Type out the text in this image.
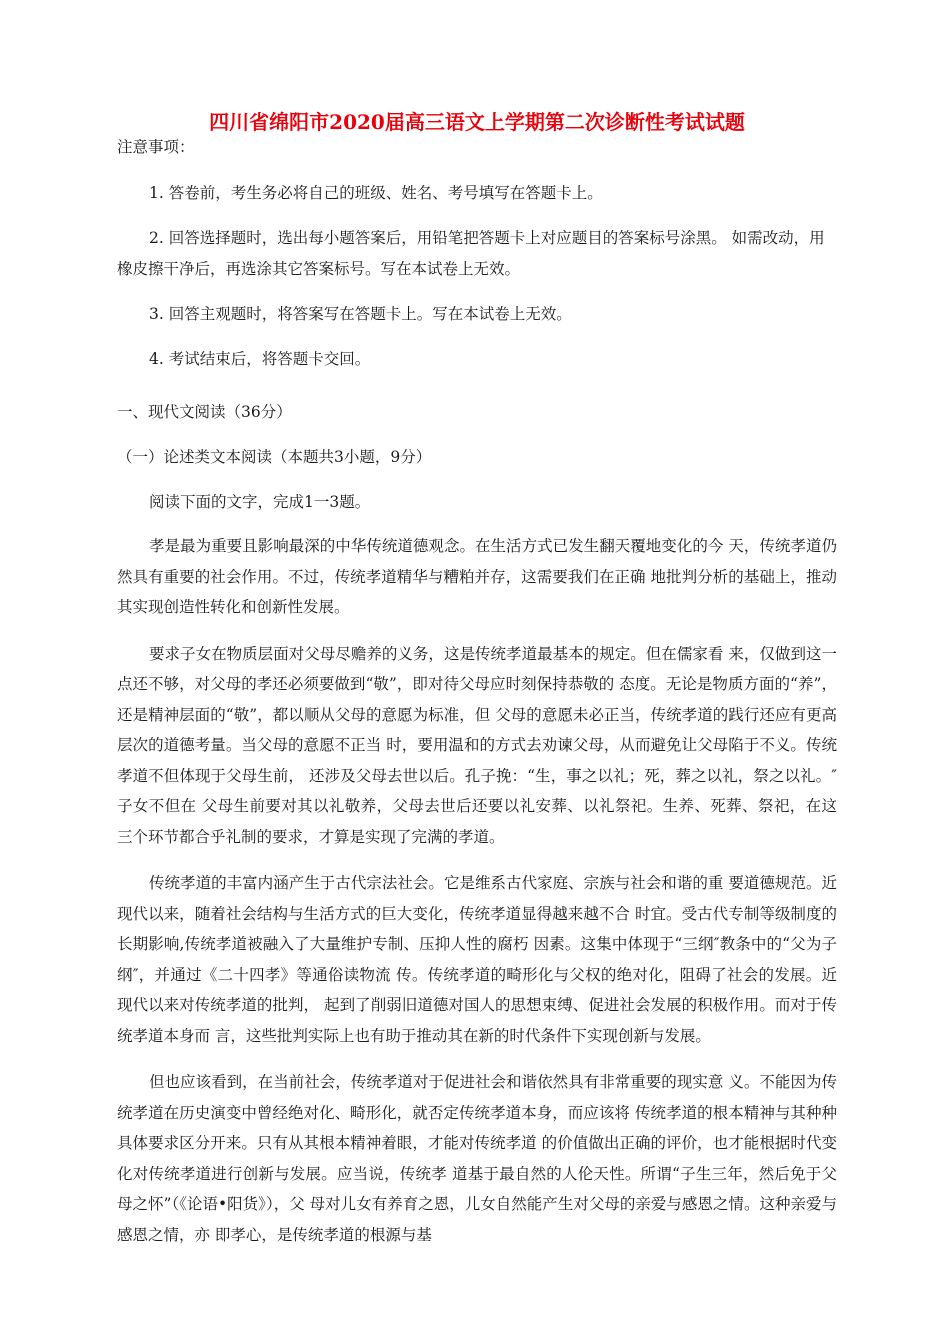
四川省绵阳市2020届高三语文上学期第二次诊断性考试试题

注意事项：

1. 答卷前，考生务必将自己的班级、姓名、考号填写在答题卡上。

2. 回答选择题时，选出每小题答案后，用铅笔把答题卡上对应题目的答案标号涂黑。 如需改动，用橡皮擦干净后，再选涂其它答案标号。写在本试卷上无效。

3. 回答主观题时，将答案写在答题卡上。写在本试卷上无效。

4. 考试结束后，将答题卡交回。

一、现代文阅读（36分）

（一）论述类文本阅读（本题共3小题，9分）

阅读下面的文字，完成1一3题。

孝是最为重要且影响最深的中华传统道德观念。在生活方式已发生翻天覆地变化的今 天，传统孝道仍然具有重要的社会作用。不过，传统孝道精华与糟粕并存，这需要我们在正确 地批判分析的基础上，推动其实现创造性转化和创新性发展。

要求子女在物质层面对父母尽赡养的义务，这是传统孝道最基本的规定。但在儒家看 来，仅做到这一点还不够，对父母的孝还必须要做到“敬”，即对待父母应时刻保持恭敬的 态度。无论是物质方面的“养”，还是精神层面的“敬”，都以顺从父母的意愿为标准，但 父母的意愿未必正当，传统孝道的践行还应有更高层次的道德考量。当父母的意愿不正当 时，要用温和的方式去劝谏父母，从而避免让父母陷于不义。传统孝道不但体现于父母生前， 还涉及父母去世以后。孔子挽：“生，事之以礼；死，葬之以礼，祭之以礼。″子女不但在 父母生前要对其以礼敬养，父母去世后还要以礼安葬、以礼祭祀。生养、死葬、祭祀，在这 三个环节都合乎礼制的要求，才算是实现了完满的孝道。

传统孝道的丰富内涵产生于古代宗法社会。它是维系古代家庭、宗族与社会和谐的重 要道德规范。近现代以来，随着社会结构与生活方式的巨大变化，传统孝道显得越来越不合 时宜。受古代专制等级制度的长期影响,传统孝道被融入了大量维护专制、压抑人性的腐朽 因素。这集中体现于“三纲″教条中的“父为子纲″，并通过《二十四孝》等通俗读物流 传。传统孝道的畸形化与父权的绝对化，阻碍了社会的发展。近现代以来对传统孝道的批判， 起到了削弱旧道德对国人的思想束缚、促进社会发展的积极作用。而对于传统孝道本身而 言，这些批判实际上也有助于推动其在新的时代条件下实现创新与发展。

但也应该看到，在当前社会，传统孝道对于促进社会和谐依然具有非常重要的现实意 义。不能因为传统孝道在历史演变中曾经绝对化、畸形化，就否定传统孝道本身，而应该将 传统孝道的根本精神与其种种具体要求区分开来。只有从其根本精神着眼，才能对传统孝道 的价值做出正确的评价，也才能根据时代变化对传统孝道进行创新与发展。应当说，传统孝 道基于最自然的人伦天性。所谓“子生三年，然后免于父母之怀”（《论语•阳货》），父 母对儿女有养育之恩，儿女自然能产生对父母的亲爱与感恩之情。这种亲爱与感恩之情，亦 即孝心，是传统孝道的根源与基
